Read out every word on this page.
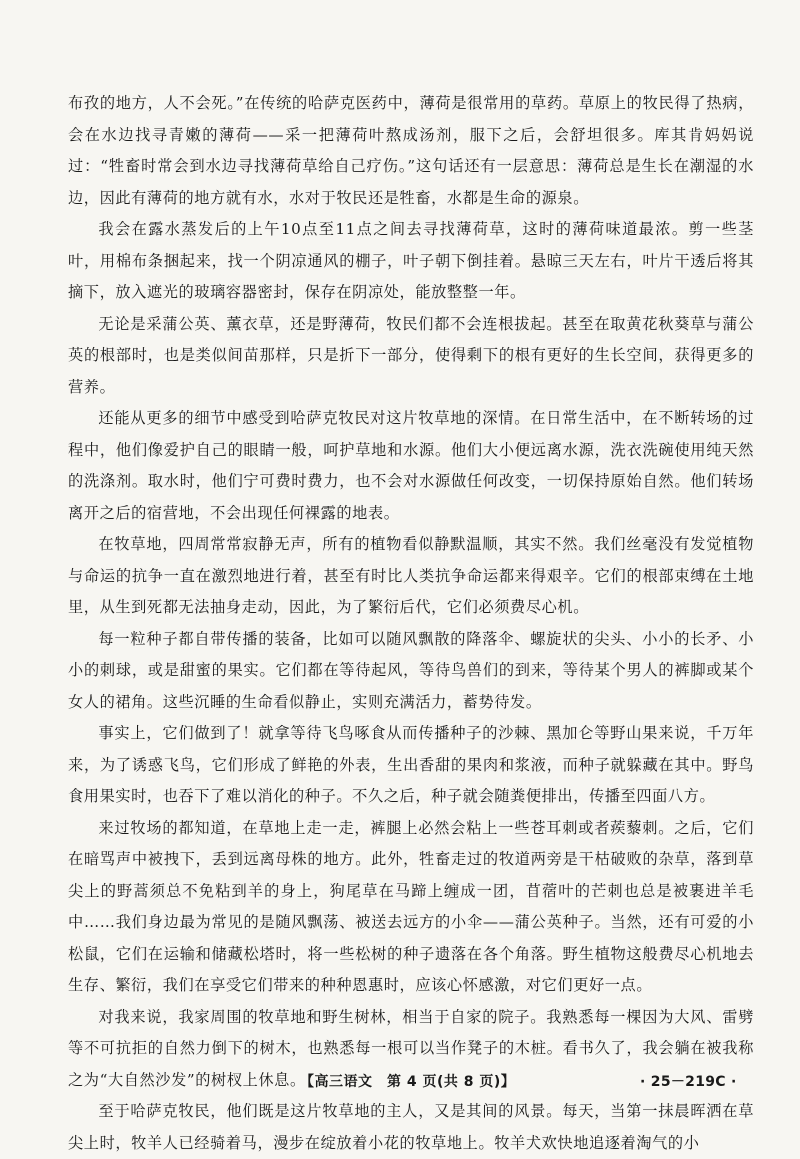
布孜的地方，人不会死。”在传统的哈萨克医药中，薄荷是很常用的草药。草原上的牧民得了热病，会在水边找寻青嫩的薄荷——采一把薄荷叶熬成汤剂，服下之后，会舒坦很多。库其肯妈妈说过：“牲畜时常会到水边寻找薄荷草给自己疗伤。”这句话还有一层意思：薄荷总是生长在潮湿的水边，因此有薄荷的地方就有水，水对于牧民还是牲畜，水都是生命的源泉。

我会在露水蒸发后的上午10点至11点之间去寻找薄荷草，这时的薄荷味道最浓。剪一些茎叶，用棉布条捆起来，找一个阴凉通风的棚子，叶子朝下倒挂着。悬晾三天左右，叶片干透后将其摘下，放入遮光的玻璃容器密封，保存在阴凉处，能放整整一年。

无论是采蒲公英、薰衣草，还是野薄荷，牧民们都不会连根拔起。甚至在取黄花秋葵草与蒲公英的根部时，也是类似间苗那样，只是折下一部分，使得剩下的根有更好的生长空间，获得更多的营养。

还能从更多的细节中感受到哈萨克牧民对这片牧草地的深情。在日常生活中，在不断转场的过程中，他们像爱护自己的眼睛一般，呵护草地和水源。他们大小便远离水源，洗衣洗碗使用纯天然的洗涤剂。取水时，他们宁可费时费力，也不会对水源做任何改变，一切保持原始自然。他们转场离开之后的宿营地，不会出现任何裸露的地表。

在牧草地，四周常常寂静无声，所有的植物看似静默温顺，其实不然。我们丝毫没有发觉植物与命运的抗争一直在激烈地进行着，甚至有时比人类抗争命运都来得艰辛。它们的根部束缚在土地里，从生到死都无法抽身走动，因此，为了繁衍后代，它们必须费尽心机。

每一粒种子都自带传播的装备，比如可以随风飘散的降落伞、螺旋状的尖头、小小的长矛、小小的刺球，或是甜蜜的果实。它们都在等待起风，等待鸟兽们的到来，等待某个男人的裤脚或某个女人的裙角。这些沉睡的生命看似静止，实则充满活力，蓄势待发。

事实上，它们做到了！就拿等待飞鸟啄食从而传播种子的沙棘、黑加仑等野山果来说，千万年来，为了诱惑飞鸟，它们形成了鲜艳的外表，生出香甜的果肉和浆液，而种子就躲藏在其中。野鸟食用果实时，也吞下了难以消化的种子。不久之后，种子就会随粪便排出，传播至四面八方。

来过牧场的都知道，在草地上走一走，裤腿上必然会粘上一些苍耳刺或者蒺藜刺。之后，它们在暗骂声中被拽下，丢到远离母株的地方。此外，牲畜走过的牧道两旁是干枯破败的杂草，落到草尖上的野蒿须总不免粘到羊的身上，狗尾草在马蹄上缠成一团，苜蓿叶的芒刺也总是被裹进羊毛中……我们身边最为常见的是随风飘荡、被送去远方的小伞——蒲公英种子。当然，还有可爱的小松鼠，它们在运输和储藏松塔时，将一些松树的种子遗落在各个角落。野生植物这般费尽心机地去生存、繁衍，我们在享受它们带来的种种恩惠时，应该心怀感激，对它们更好一点。

对我来说，我家周围的牧草地和野生树林，相当于自家的院子。我熟悉每一棵因为大风、雷劈等不可抗拒的自然力倒下的树木，也熟悉每一根可以当作凳子的木桩。看书久了，我会躺在被我称之为“大自然沙发”的树杈上休息。

至于哈萨克牧民，他们既是这片牧草地的主人，又是其间的风景。每天，当第一抹晨晖洒在草尖上时，牧羊人已经骑着马，漫步在绽放着小花的牧草地上。牧羊犬欢快地追逐着淘气的小

【高三语文　第 4 页(共 8 页)】	· 25－219C ·
